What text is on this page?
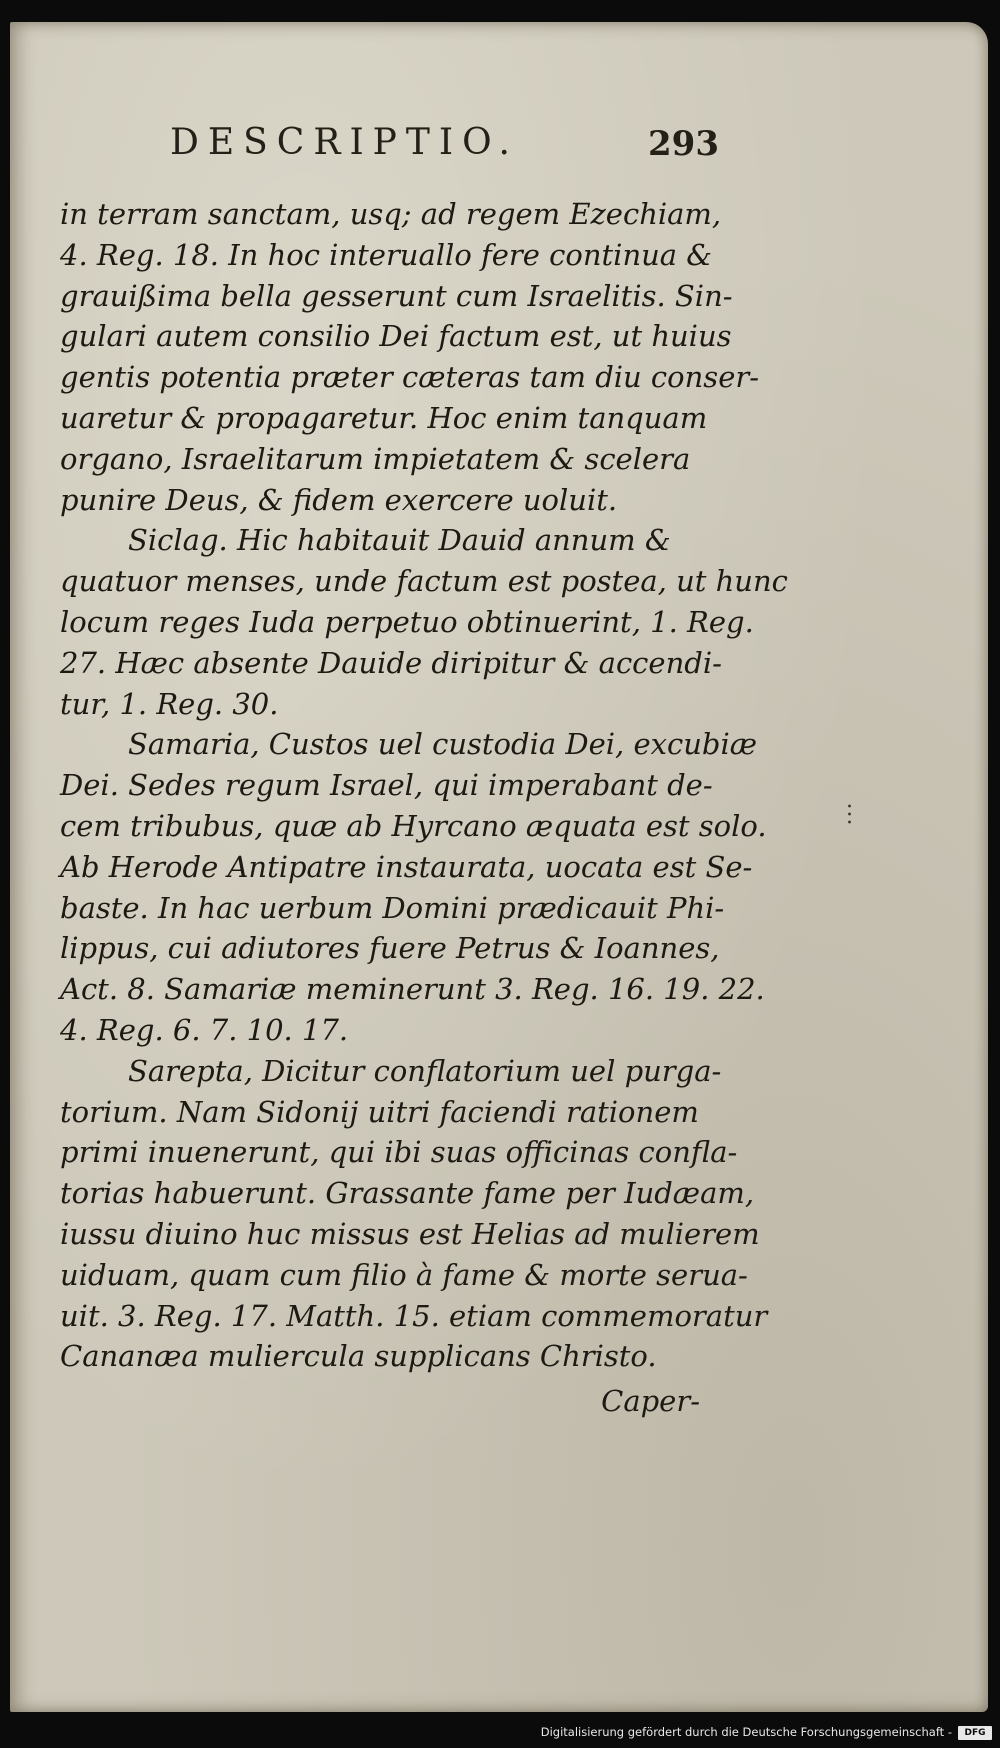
DESCRIPTIO.	293
in terram sanctam, usq; ad regem Ezechiam,
4. Reg. 18. In hoc interuallo fere continua &
grauißima bella gesserunt cum Israelitis. Sin-
gulari autem consilio Dei factum est, ut huius
gentis potentia præter cæteras tam diu conser-
uaretur & propagaretur. Hoc enim tanquam
organo, Israelitarum impietatem & scelera
punire Deus, & fidem exercere uoluit.
Siclag. Hic habitauit Dauid annum &
quatuor menses, unde factum est postea, ut hunc
locum reges Iuda perpetuo obtinuerint, 1. Reg.
27. Hæc absente Dauide diripitur & accendi-
tur, 1. Reg. 30.
Samaria, Custos uel custodia Dei, excubiæ
Dei. Sedes regum Israel, qui imperabant de-
cem tribubus, quæ ab Hyrcano æquata est solo.
Ab Herode Antipatre instaurata, uocata est Se-
baste. In hac uerbum Domini prædicauit Phi-
lippus, cui adiutores fuere Petrus & Ioannes,
Act. 8. Samariæ meminerunt 3. Reg. 16. 19. 22.
4. Reg. 6. 7. 10. 17.
Sarepta, Dicitur conflatorium uel purga-
torium. Nam Sidonij uitri faciendi rationem
primi inuenerunt, qui ibi suas officinas confla-
torias habuerunt. Grassante fame per Iudæam,
iussu diuino huc missus est Helias ad mulierem
uiduam, quam cum filio à fame & morte serua-
uit. 3. Reg. 17. Matth. 15. etiam commemoratur
Cananæa muliercula supplicans Christo.
Caper-
Digitalisierung gefördert durch die Deutsche Forschungsgemeinschaft -	DFG
